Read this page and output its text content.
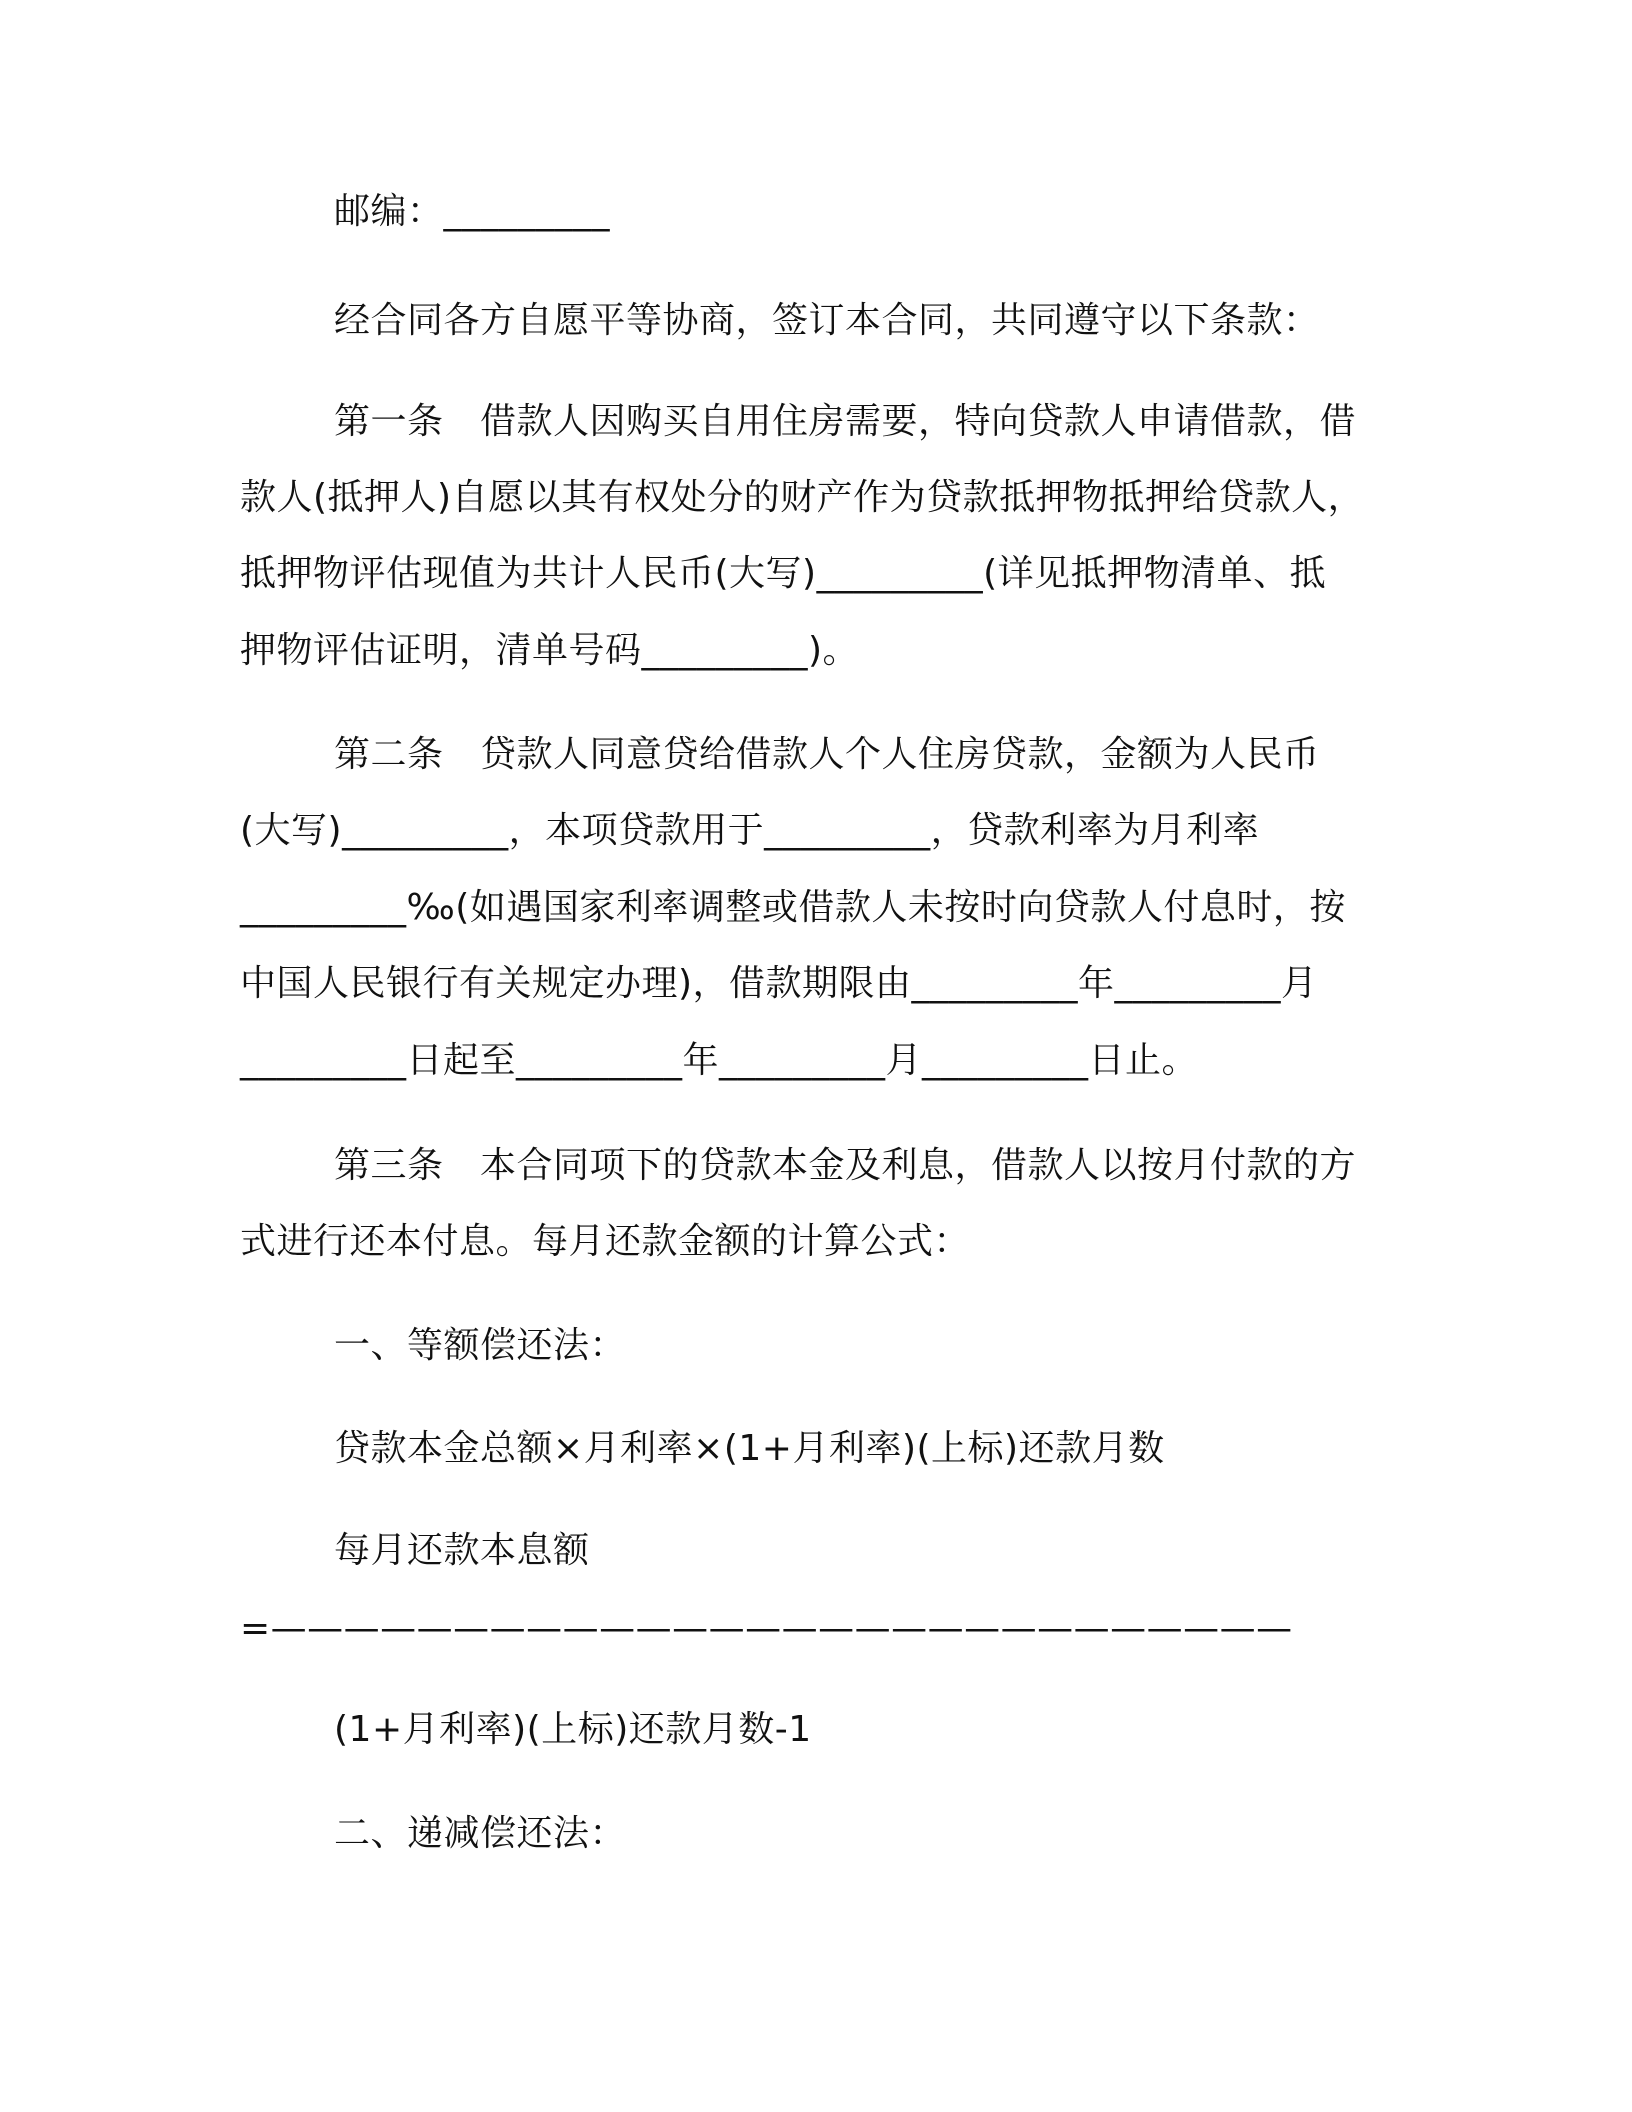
邮编：_________

经合同各方自愿平等协商，签订本合同，共同遵守以下条款：

第一条　借款人因购买自用住房需要，特向贷款人申请借款，借

款人(抵押人)自愿以其有权处分的财产作为贷款抵押物抵押给贷款人，

抵押物评估现值为共计人民币(大写)_________(详见抵押物清单、抵

押物评估证明，清单号码_________)。

第二条　贷款人同意贷给借款人个人住房贷款，金额为人民币

(大写)_________，本项贷款用于_________，贷款利率为月利率

_________‰(如遇国家利率调整或借款人未按时向贷款人付息时，按

中国人民银行有关规定办理)，借款期限由_________年_________月

_________日起至_________年_________月_________日止。

第三条　本合同项下的贷款本金及利息，借款人以按月付款的方

式进行还本付息。每月还款金额的计算公式：

一、等额偿还法：

贷款本金总额×月利率×(1+月利率)(上标)还款月数

每月还款本息额

=————————————————————————————

(1+月利率)(上标)还款月数-1

二、递减偿还法：
